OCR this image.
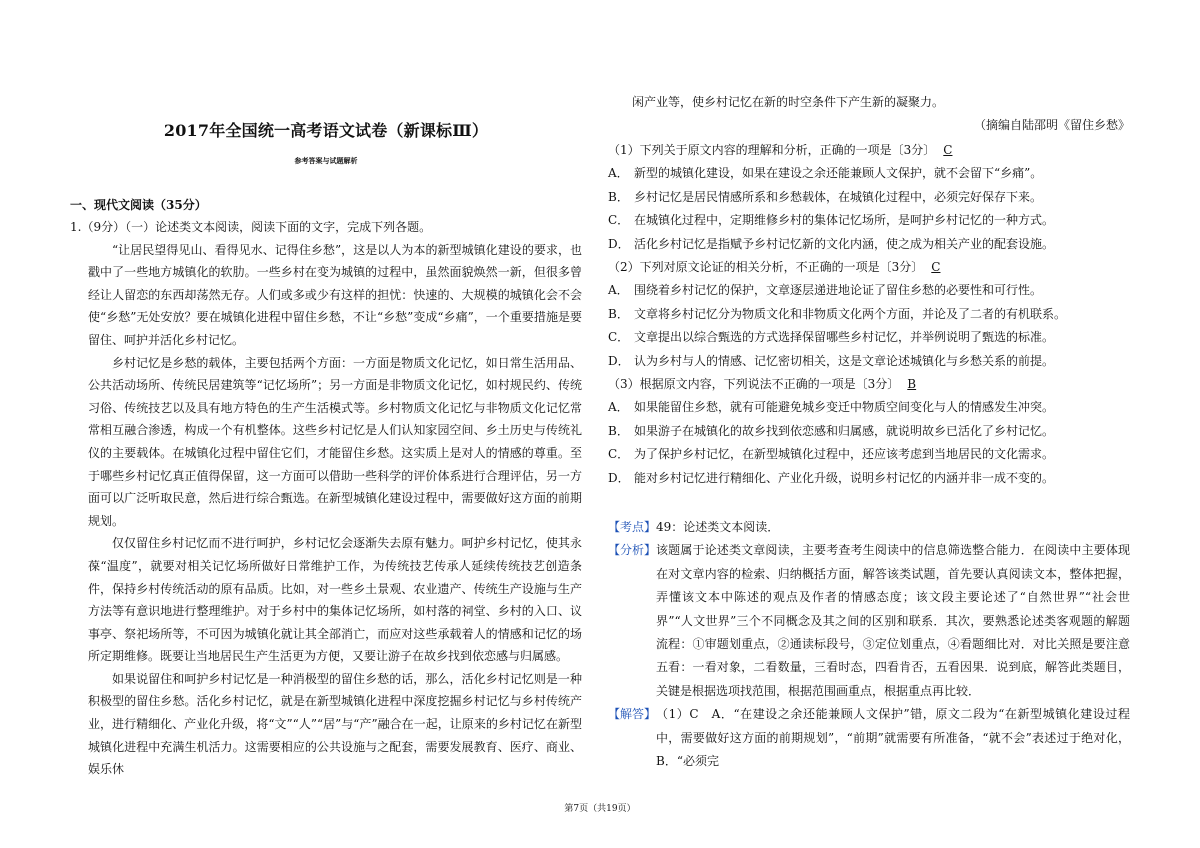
2017年全国统一高考语文试卷（新课标Ⅲ）
参考答案与试题解析
一、现代文阅读（35分）

1.（9分）（一）论述类文本阅读，阅读下面的文字，完成下列各题。

“让居民望得见山、看得见水、记得住乡愁”，这是以人为本的新型城镇化建设的要求，也戳中了一些地方城镇化的软肋。一些乡村在变为城镇的过程中，虽然面貌焕然一新，但很多曾经让人留恋的东西却荡然无存。人们或多或少有这样的担忧：快速的、大规模的城镇化会不会使“乡愁”无处安放？要在城镇化进程中留住乡愁，不让“乡愁”变成“乡痛”，一个重要措施是要留住、呵护并活化乡村记忆。

乡村记忆是乡愁的载体，主要包括两个方面：一方面是物质文化记忆，如日常生活用品、公共活动场所、传统民居建筑等“记忆场所”；另一方面是非物质文化记忆，如村规民约、传统习俗、传统技艺以及具有地方特色的生产生活模式等。乡村物质文化记忆与非物质文化记忆常常相互融合渗透，构成一个有机整体。这些乡村记忆是人们认知家园空间、乡土历史与传统礼仪的主要载体。在城镇化过程中留住它们，才能留住乡愁。这实质上是对人的情感的尊重。至于哪些乡村记忆真正值得保留，这一方面可以借助一些科学的评价体系进行合理评估，另一方面可以广泛听取民意，然后进行综合甄选。在新型城镇化建设过程中，需要做好这方面的前期规划。

仅仅留住乡村记忆而不进行呵护，乡村记忆会逐渐失去原有魅力。呵护乡村记忆，使其永葆“温度”，就要对相关记忆场所做好日常维护工作，为传统技艺传承人延续传统技艺创造条件，保持乡村传统活动的原有品质。比如，对一些乡土景观、农业遗产、传统生产设施与生产方法等有意识地进行整理维护。对于乡村中的集体记忆场所，如村落的祠堂、乡村的入口、议事亭、祭祀场所等，不可因为城镇化就让其全部消亡，而应对这些承载着人的情感和记忆的场所定期维修。既要让当地居民生产生活更为方便，又要让游子在故乡找到依恋感与归属感。

如果说留住和呵护乡村记忆是一种消极型的留住乡愁的话，那么，活化乡村记忆则是一种积极型的留住乡愁。活化乡村记忆，就是在新型城镇化进程中深度挖掘乡村记忆与乡村传统产业，进行精细化、产业化升级，将“文”“人”“居”与“产”融合在一起，让原来的乡村记忆在新型城镇化进程中充满生机活力。这需要相应的公共设施与之配套，需要发展教育、医疗、商业、娱乐休

闲产业等，使乡村记忆在新的时空条件下产生新的凝聚力。

（摘编自陆邵明《留住乡愁》

（1）下列关于原文内容的理解和分析，正确的一项是〔3分〕 C

A． 新型的城镇化建设，如果在建设之余还能兼顾人文保护，就不会留下“乡痛”。
B． 乡村记忆是居民情感所系和乡愁载体，在城镇化过程中，必须完好保存下来。
C． 在城镇化过程中，定期维修乡村的集体记忆场所，是呵护乡村记忆的一种方式。
D． 活化乡村记忆是指赋予乡村记忆新的文化内涵，使之成为相关产业的配套设施。

（2）下列对原文论证的相关分析，不正确的一项是〔3分〕 C

A． 围绕着乡村记忆的保护，文章逐层递进地论证了留住乡愁的必要性和可行性。
B． 文章将乡村记忆分为物质文化和非物质文化两个方面，并论及了二者的有机联系。
C． 文章提出以综合甄选的方式选择保留哪些乡村记忆，并举例说明了甄选的标准。
D． 认为乡村与人的情感、记忆密切相关，这是文章论述城镇化与乡愁关系的前提。

（3）根据原文内容，下列说法不正确的一项是〔3分〕 B

A． 如果能留住乡愁，就有可能避免城乡变迁中物质空间变化与人的情感发生冲突。
B． 如果游子在城镇化的故乡找到依恋感和归属感，就说明故乡已活化了乡村记忆。
C． 为了保护乡村记忆，在新型城镇化过程中，还应该考虑到当地居民的文化需求。
D． 能对乡村记忆进行精细化、产业化升级，说明乡村记忆的内涵并非一成不变的。

【考点】49：论述类文本阅读．

【分析】 该题属于论述类文章阅读，主要考查考生阅读中的信息筛选整合能力．在阅读中主要体现在对文章内容的检索、归纳概括方面，解答该类试题，首先要认真阅读文本，整体把握，弄懂该文本中陈述的观点及作者的情感态度；该文段主要论述了“自然世界”“社会世界”“人文世界”三个不同概念及其之间的区别和联系．其次，要熟悉论述类客观题的解题流程：①审题划重点，②通读标段号，③定位划重点，④看题细比对．对比关照是要注意五看：一看对象，二看数量，三看时态，四看肯否，五看因果．说到底，解答此类题目，关键是根据选项找范围，根据范围画重点，根据重点再比较．
【解答】 （1）C　A．“在建设之余还能兼顾人文保护”错，原文二段为“在新型城镇化建设过程中，需要做好这方面的前期规划”，“前期”就需要有所准备，“就不会”表述过于绝对化，B．“必须完
第7页（共19页）
